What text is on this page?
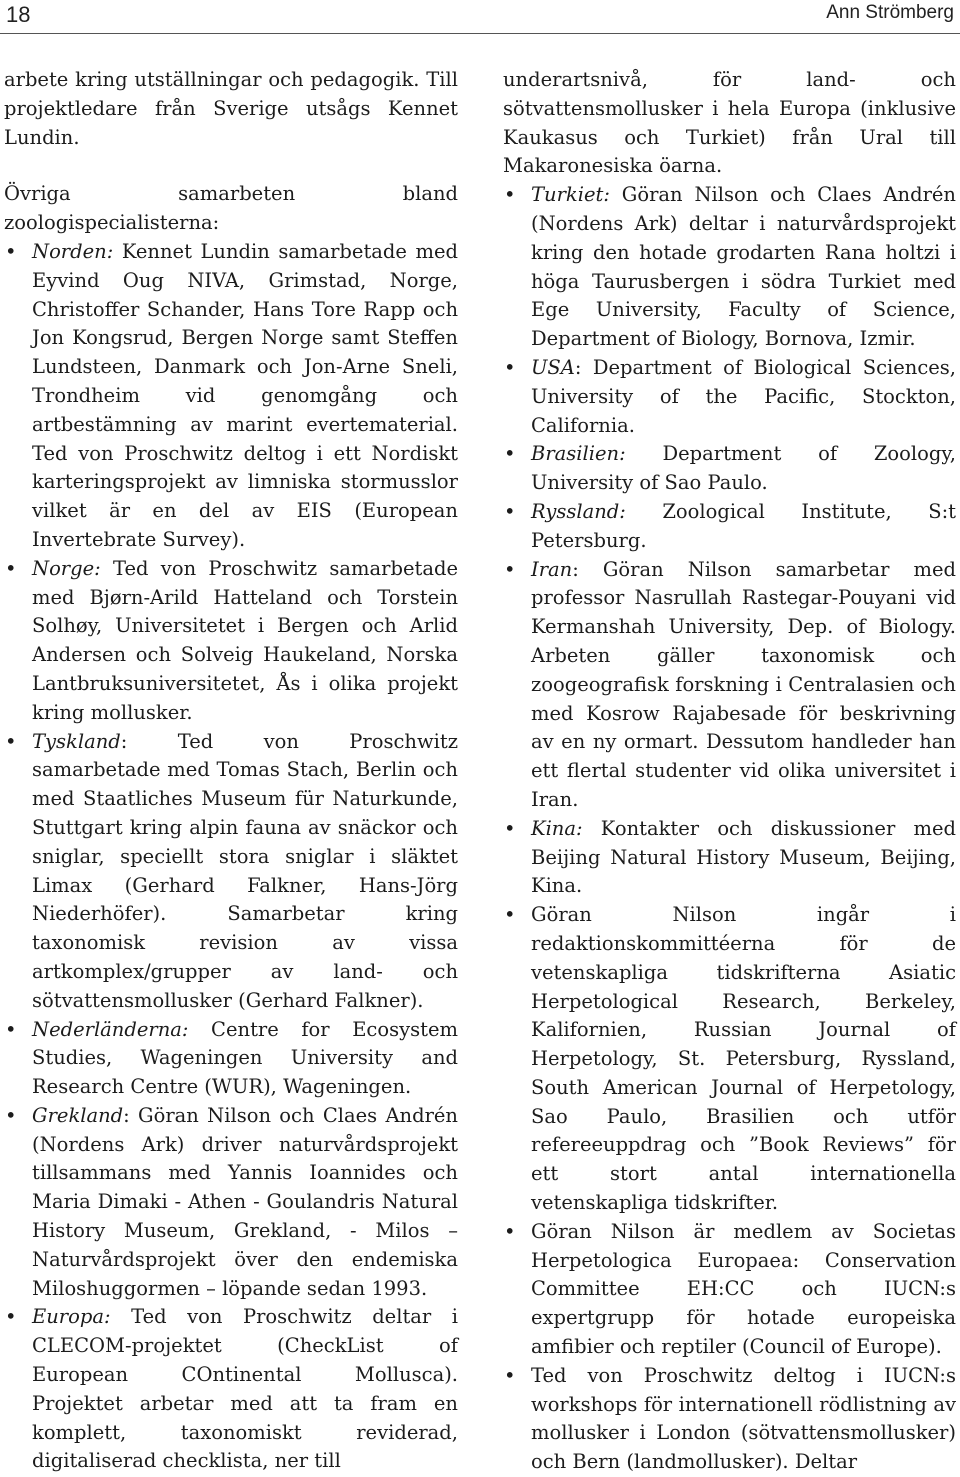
18	Ann Strömberg

arbete kring utställningar och pedagogik. Till projektledare från Sverige utsågs Kennet Lundin.

Övriga samarbeten bland zoologispecialisterna:

• Norden: Kennet Lundin samarbetade med Eyvind Oug NIVA, Grimstad, Norge, Christoffer Schander, Hans Tore Rapp och Jon Kongsrud, Bergen Norge samt Steffen Lundsteen, Danmark och Jon-Arne Sneli, Trondheim vid genomgång och artbestämning av marint evertematerial. Ted von Proschwitz deltog i ett Nordiskt karteringsprojekt av limniska stormusslor vilket är en del av EIS (European Invertebrate Survey).
• Norge: Ted von Proschwitz samarbetade med Bjørn-Arild Hatteland och Torstein Solhøy, Universitetet i Bergen och Arlid Andersen och Solveig Haukeland, Norska Lantbruksuniversitetet, Ås i olika projekt kring mollusker.
• Tyskland: Ted von Proschwitz samarbetade med Tomas Stach, Berlin och med Staatliches Museum für Naturkunde, Stuttgart kring alpin fauna av snäckor och sniglar, speciellt stora sniglar i släktet Limax (Gerhard Falkner, Hans-Jörg Niederhöfer). Samarbetar kring taxonomisk revision av vissa artkomplex/grupper av land- och sötvattensmollusker (Gerhard Falkner).
• Nederländerna: Centre for Ecosystem Studies, Wageningen University and Research Centre (WUR), Wageningen.
• Grekland: Göran Nilson och Claes Andrén (Nordens Ark) driver naturvårdsprojekt tillsammans med Yannis Ioannides och Maria Dimaki - Athen - Goulandris Natural History Museum, Grekland, - Milos – Naturvårdsprojekt över den endemiska Miloshuggormen – löpande sedan 1993.
• Europa: Ted von Proschwitz deltar i CLECOM-projektet (CheckList of European COntinental Mollusca). Projektet arbetar med att ta fram en komplett, taxonomiskt reviderad, digitaliserad checklista, ner till

underartsnivå, för land- och sötvattensmollusker i hela Europa (inklusive Kaukasus och Turkiet) från Ural till Makaronesiska öarna.

• Turkiet: Göran Nilson och Claes Andrén (Nordens Ark) deltar i naturvårdsprojekt kring den hotade grodarten Rana holtzi i höga Taurusbergen i södra Turkiet med Ege University, Faculty of Science, Department of Biology, Bornova, Izmir.
• USA: Department of Biological Sciences, University of the Pacific, Stockton, California.
• Brasilien: Department of Zoology, University of Sao Paulo.
• Ryssland: Zoological Institute, S:t Petersburg.
• Iran: Göran Nilson samarbetar med professor Nasrullah Rastegar-Pouyani vid Kermanshah University, Dep. of Biology. Arbeten gäller taxonomisk och zoogeografisk forskning i Centralasien och med Kosrow Rajabesade för beskrivning av en ny ormart. Dessutom handleder han ett flertal studenter vid olika universitet i Iran.
• Kina: Kontakter och diskussioner med Beijing Natural History Museum, Beijing, Kina.
• Göran Nilson ingår i redaktionskommittéerna för de vetenskapliga tidskrifterna Asiatic Herpetological Research, Berkeley, Kalifornien, Russian Journal of Herpetology, St. Petersburg, Ryssland, South American Journal of Herpetology, Sao Paulo, Brasilien och utför refereeuppdrag och ”Book Reviews” för ett stort antal internationella vetenskapliga tidskrifter.
• Göran Nilson är medlem av Societas Herpetologica Europaea: Conservation Committee EH:CC och IUCN:s expertgrupp för hotade europeiska amfibier och reptiler (Council of Europe).
• Ted von Proschwitz deltog i IUCN:s workshops för internationell rödlistning av mollusker i London (sötvattensmollusker) och Bern (landmollusker). Deltar
